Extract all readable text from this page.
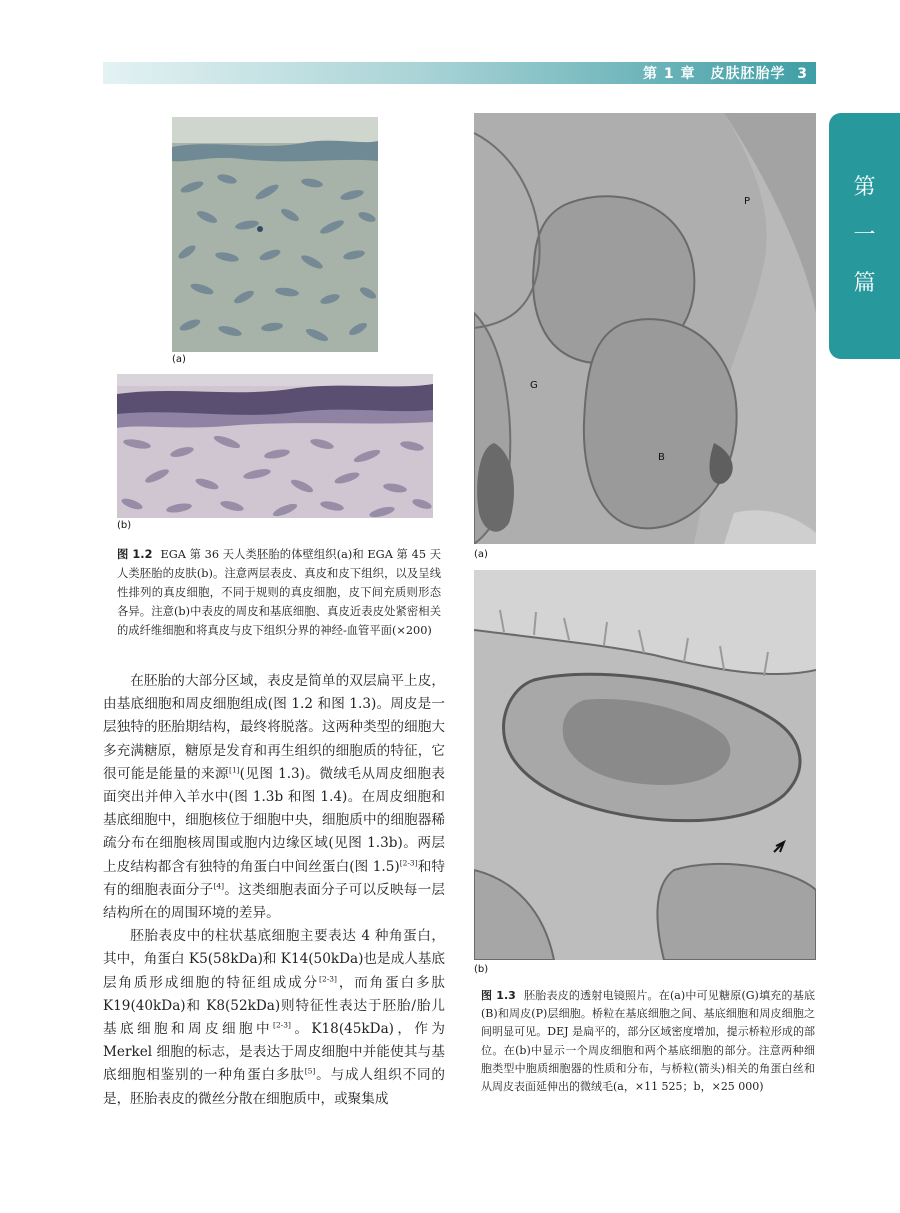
第 1 章　皮肤胚胎学 3
第
一
篇
(a)
(b)
图 1.2 EGA 第 36 天人类胚胎的体壁组织(a)和 EGA 第 45 天人类胚胎的皮肤(b)。注意两层表皮、真皮和皮下组织，以及呈线性排列的真皮细胞，不同于规则的真皮细胞，皮下间充质则形态各异。注意(b)中表皮的周皮和基底细胞、真皮近表皮处紧密相关的成纤维细胞和将真皮与皮下组织分界的神经-血管平面(×200)

在胚胎的大部分区域，表皮是简单的双层扁平上皮，由基底细胞和周皮细胞组成(图 1.2 和图 1.3)。周皮是一层独特的胚胎期结构，最终将脱落。这两种类型的细胞大多充满糖原，糖原是发育和再生组织的细胞质的特征，它很可能是能量的来源[1](见图 1.3)。微绒毛从周皮细胞表面突出并伸入羊水中(图 1.3b 和图 1.4)。在周皮细胞和基底细胞中，细胞核位于细胞中央，细胞质中的细胞器稀疏分布在细胞核周围或胞内边缘区域(见图 1.3b)。两层上皮结构都含有独特的角蛋白中间丝蛋白(图 1.5)[2-3]和特有的细胞表面分子[4]。这类细胞表面分子可以反映每一层结构所在的周围环境的差异。

胚胎表皮中的柱状基底细胞主要表达 4 种角蛋白，其中，角蛋白 K5(58kDa)和 K14(50kDa)也是成人基底层角质形成细胞的特征组成成分[2-3]，而角蛋白多肽 K19(40kDa)和 K8(52kDa)则特征性表达于胚胎/胎儿基底细胞和周皮细胞中[2-3]。K18(45kDa)，作为 Merkel 细胞的标志，是表达于周皮细胞中并能使其与基底细胞相鉴别的一种角蛋白多肽[5]。与成人组织不同的是，胚胎表皮的微丝分散在细胞质中，或聚集成

P
G
B
(a)
(b)
图 1.3 胚胎表皮的透射电镜照片。在(a)中可见糖原(G)填充的基底(B)和周皮(P)层细胞。桥粒在基底细胞之间、基底细胞和周皮细胞之间明显可见。DEJ 是扁平的，部分区域密度增加，提示桥粒形成的部位。在(b)中显示一个周皮细胞和两个基底细胞的部分。注意两种细胞类型中胞质细胞器的性质和分布，与桥粒(箭头)相关的角蛋白丝和从周皮表面延伸出的微绒毛(a，×11 525；b，×25 000)
